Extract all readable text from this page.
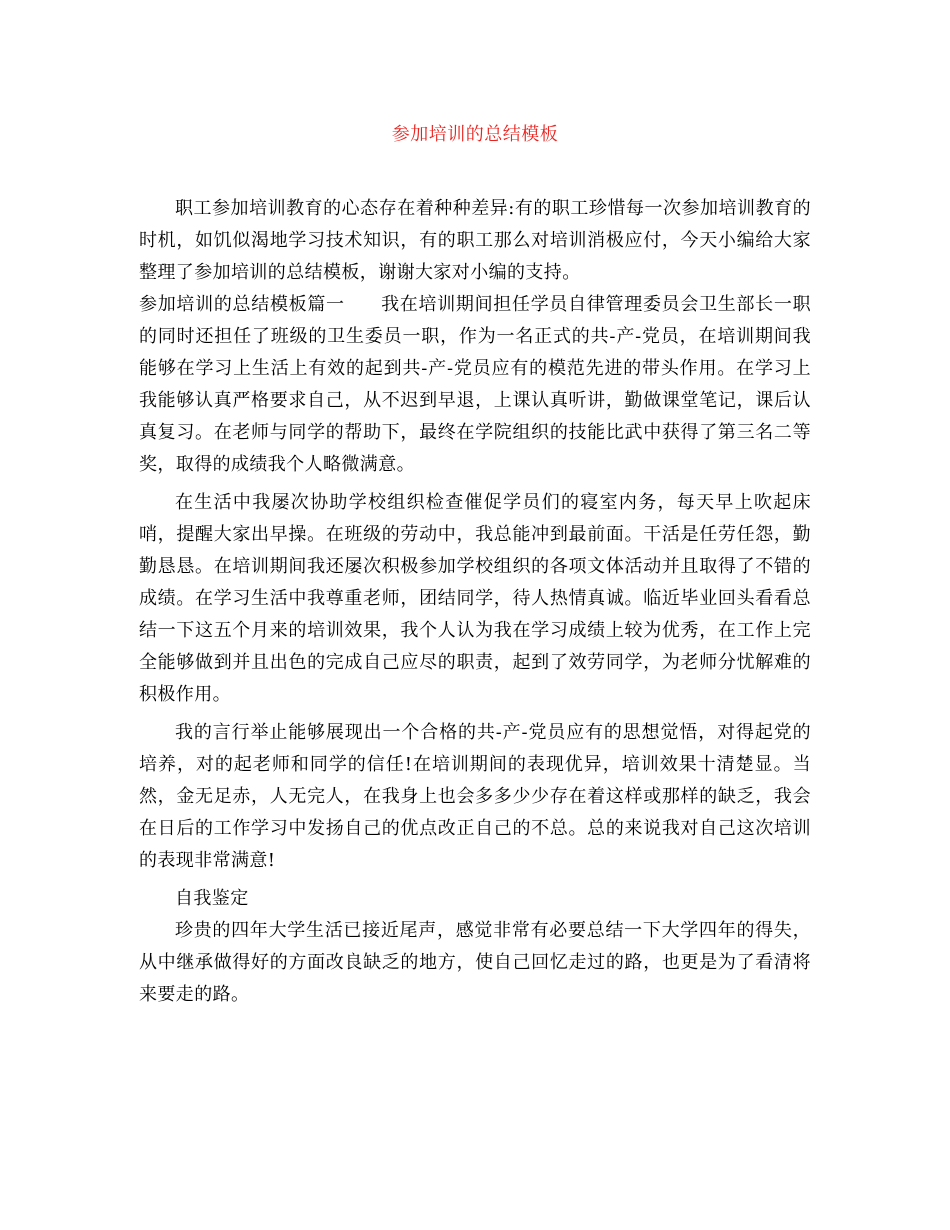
参加培训的总结模板

职工参加培训教育的心态存在着种种差异:有的职工珍惜每一次参加培训教育的时机，如饥似渴地学习技术知识，有的职工那么对培训消极应付，今天小编给大家整理了参加培训的总结模板，谢谢大家对小编的支持。

参加培训的总结模板篇一 我在培训期间担任学员自律管理委员会卫生部长一职的同时还担任了班级的卫生委员一职，作为一名正式的共-产-党员，在培训期间我能够在学习上生活上有效的起到共-产-党员应有的模范先进的带头作用。在学习上我能够认真严格要求自己，从不迟到早退，上课认真听讲，勤做课堂笔记，课后认真复习。在老师与同学的帮助下，最终在学院组织的技能比武中获得了第三名二等奖，取得的成绩我个人略微满意。

在生活中我屡次协助学校组织检查催促学员们的寝室内务，每天早上吹起床哨，提醒大家出早操。在班级的劳动中，我总能冲到最前面。干活是任劳任怨，勤勤恳恳。在培训期间我还屡次积极参加学校组织的各项文体活动并且取得了不错的成绩。在学习生活中我尊重老师，团结同学，待人热情真诚。临近毕业回头看看总结一下这五个月来的培训效果，我个人认为我在学习成绩上较为优秀，在工作上完全能够做到并且出色的完成自己应尽的职责，起到了效劳同学，为老师分忧解难的积极作用。

我的言行举止能够展现出一个合格的共-产-党员应有的思想觉悟，对得起党的培养，对的起老师和同学的信任!在培训期间的表现优异，培训效果十清楚显。当然，金无足赤，人无完人，在我身上也会多多少少存在着这样或那样的缺乏，我会在日后的工作学习中发扬自己的优点改正自己的不总。总的来说我对自己这次培训的表现非常满意!

自我鉴定

珍贵的四年大学生活已接近尾声，感觉非常有必要总结一下大学四年的得失，从中继承做得好的方面改良缺乏的地方，使自己回忆走过的路，也更是为了看清将来要走的路。
